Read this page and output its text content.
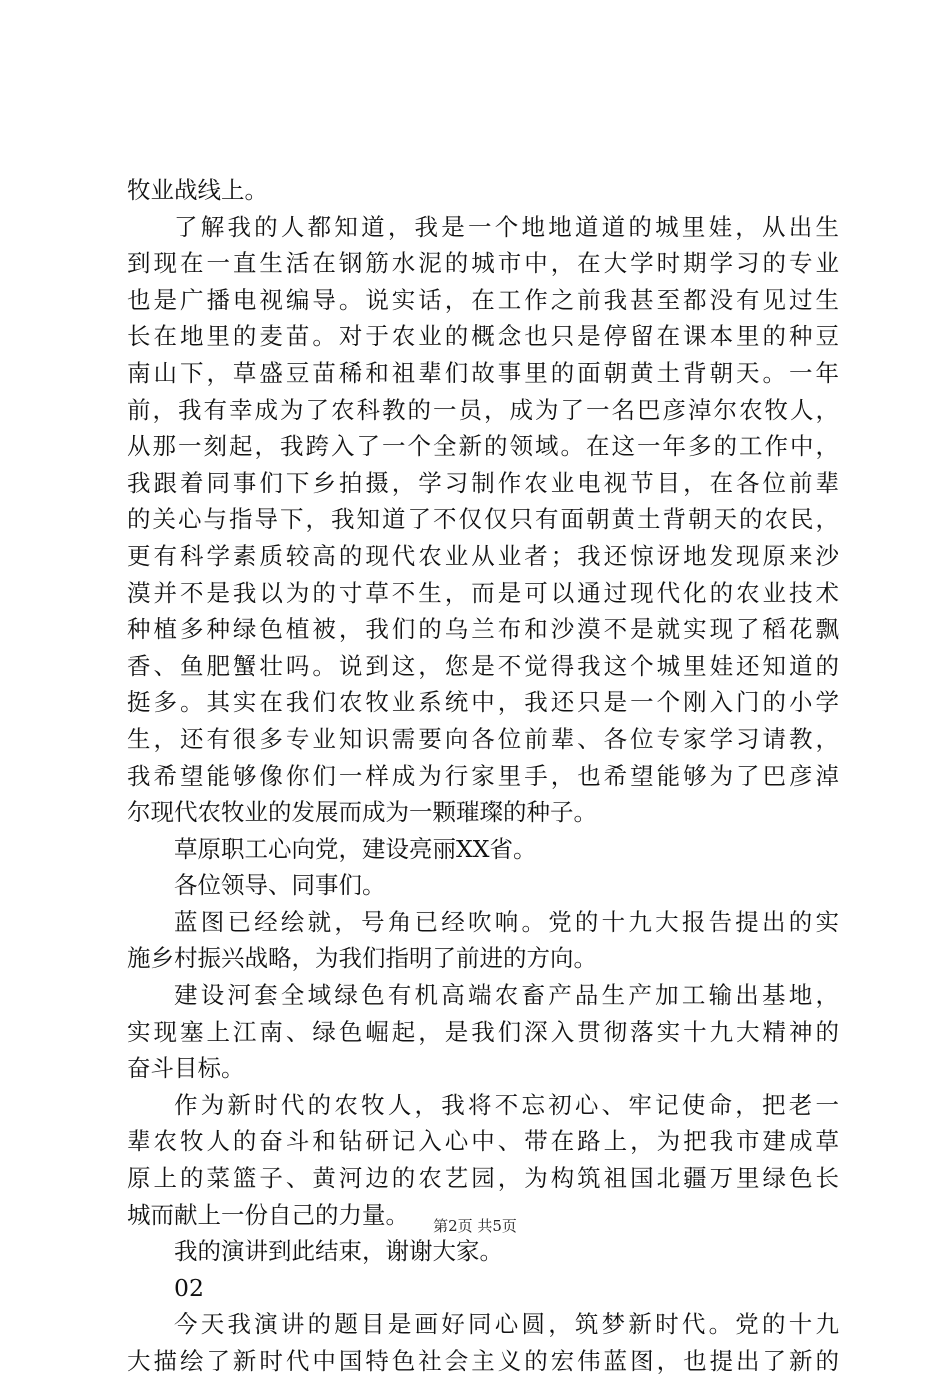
牧业战线上。
了解我的人都知道，我是一个地地道道的城里娃，从出生
到现在一直生活在钢筋水泥的城市中，在大学时期学习的专业
也是广播电视编导。说实话，在工作之前我甚至都没有见过生
长在地里的麦苗。对于农业的概念也只是停留在课本里的种豆
南山下，草盛豆苗稀和祖辈们故事里的面朝黄土背朝天。一年
前，我有幸成为了农科教的一员，成为了一名巴彦淖尔农牧人，
从那一刻起，我跨入了一个全新的领域。在这一年多的工作中，
我跟着同事们下乡拍摄，学习制作农业电视节目，在各位前辈
的关心与指导下，我知道了不仅仅只有面朝黄土背朝天的农民，
更有科学素质较高的现代农业从业者；我还惊讶地发现原来沙
漠并不是我以为的寸草不生，而是可以通过现代化的农业技术
种植多种绿色植被，我们的乌兰布和沙漠不是就实现了稻花飘
香、鱼肥蟹壮吗。说到这，您是不觉得我这个城里娃还知道的
挺多。其实在我们农牧业系统中，我还只是一个刚入门的小学
生，还有很多专业知识需要向各位前辈、各位专家学习请教，
我希望能够像你们一样成为行家里手，也希望能够为了巴彦淖
尔现代农牧业的发展而成为一颗璀璨的种子。
草原职工心向党，建设亮丽XX省。
各位领导、同事们。
蓝图已经绘就，号角已经吹响。党的十九大报告提出的实
施乡村振兴战略，为我们指明了前进的方向。
建设河套全域绿色有机高端农畜产品生产加工输出基地，
实现塞上江南、绿色崛起，是我们深入贯彻落实十九大精神的
奋斗目标。
作为新时代的农牧人，我将不忘初心、牢记使命，把老一
辈农牧人的奋斗和钻研记入心中、带在路上，为把我市建成草
原上的菜篮子、黄河边的农艺园，为构筑祖国北疆万里绿色长
城而献上一份自己的力量。
我的演讲到此结束，谢谢大家。
02
今天我演讲的题目是画好同心圆，筑梦新时代。党的十九
大描绘了新时代中国特色社会主义的宏伟蓝图，也提出了新的
第2页 共5页
